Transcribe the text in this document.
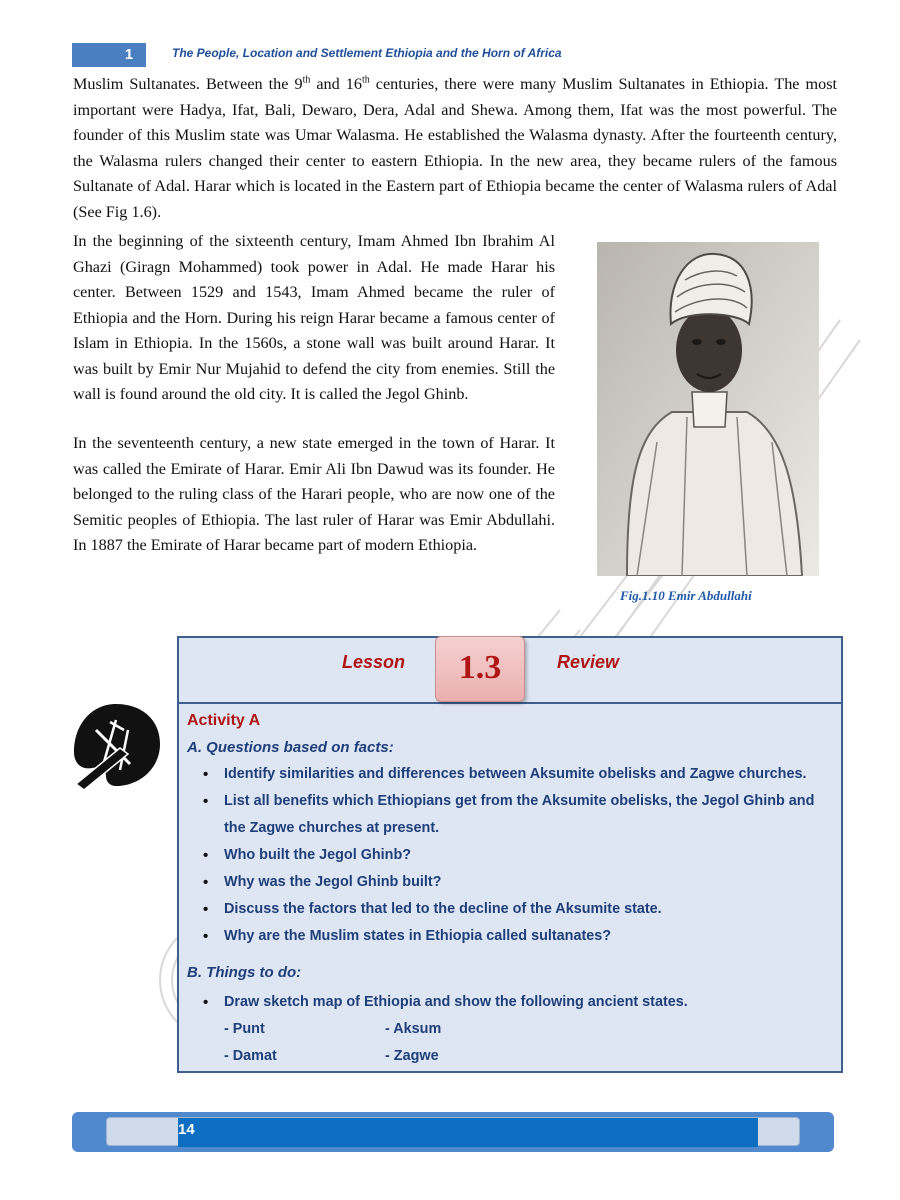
1	The People, Location and Settlement Ethiopia and the Horn of Africa

Muslim Sultanates. Between the 9th and 16th centuries, there were many Muslim Sultanates in Ethiopia. The most important were Hadya, Ifat, Bali, Dewaro, Dera, Adal and Shewa. Among them, Ifat was the most powerful. The founder of this Muslim state was Umar Walasma. He established the Walasma dynasty. After the fourteenth century, the Walasma rulers changed their center to eastern Ethiopia. In the new area, they became rulers of the famous Sultanate of Adal. Harar which is located in the Eastern part of Ethiopia became the center of Walasma rulers of Adal (See Fig 1.6).

In the beginning of the sixteenth century, Imam Ahmed Ibn Ibrahim Al Ghazi (Giragn Mohammed) took power in Adal. He made Harar his center. Between 1529 and 1543, Imam Ahmed became the ruler of Ethiopia and the Horn. During his reign Harar became a famous center of Islam in Ethiopia. In the 1560s, a stone wall was built around Harar. It was built by Emir Nur Mujahid to defend the city from enemies. Still the wall is found around the old city. It is called the Jegol Ghinb.

In the seventeenth century, a new state emerged in the town of Harar. It was called the Emirate of Harar. Emir Ali Ibn Dawud was its founder. He belonged to the ruling class of the Harari people, who are now one of the Semitic peoples of Ethiopia. The last ruler of Harar was Emir Abdullahi. In 1887 the Emirate of Harar became part of modern Ethiopia.

Fig.1.10 Emir Abdullahi
Lesson	1.3	Review
Activity A
A. Questions based on facts:
• Identify similarities and differences between Aksumite obelisks and Zagwe churches.
• List all benefits which Ethiopians get from the Aksumite obelisks, the Jegol Ghinb and the Zagwe churches at present.
• Who built the Jegol Ghinb?
• Why was the Jegol Ghinb built?
• Discuss the factors that led to the decline of the Aksumite state.
• Why are the Muslim states in Ethiopia called sultanates?
B. Things to do:
• Draw sketch map of Ethiopia and show the following ancient states.
- Punt	- Aksum
- Damat	- Zagwe
14
